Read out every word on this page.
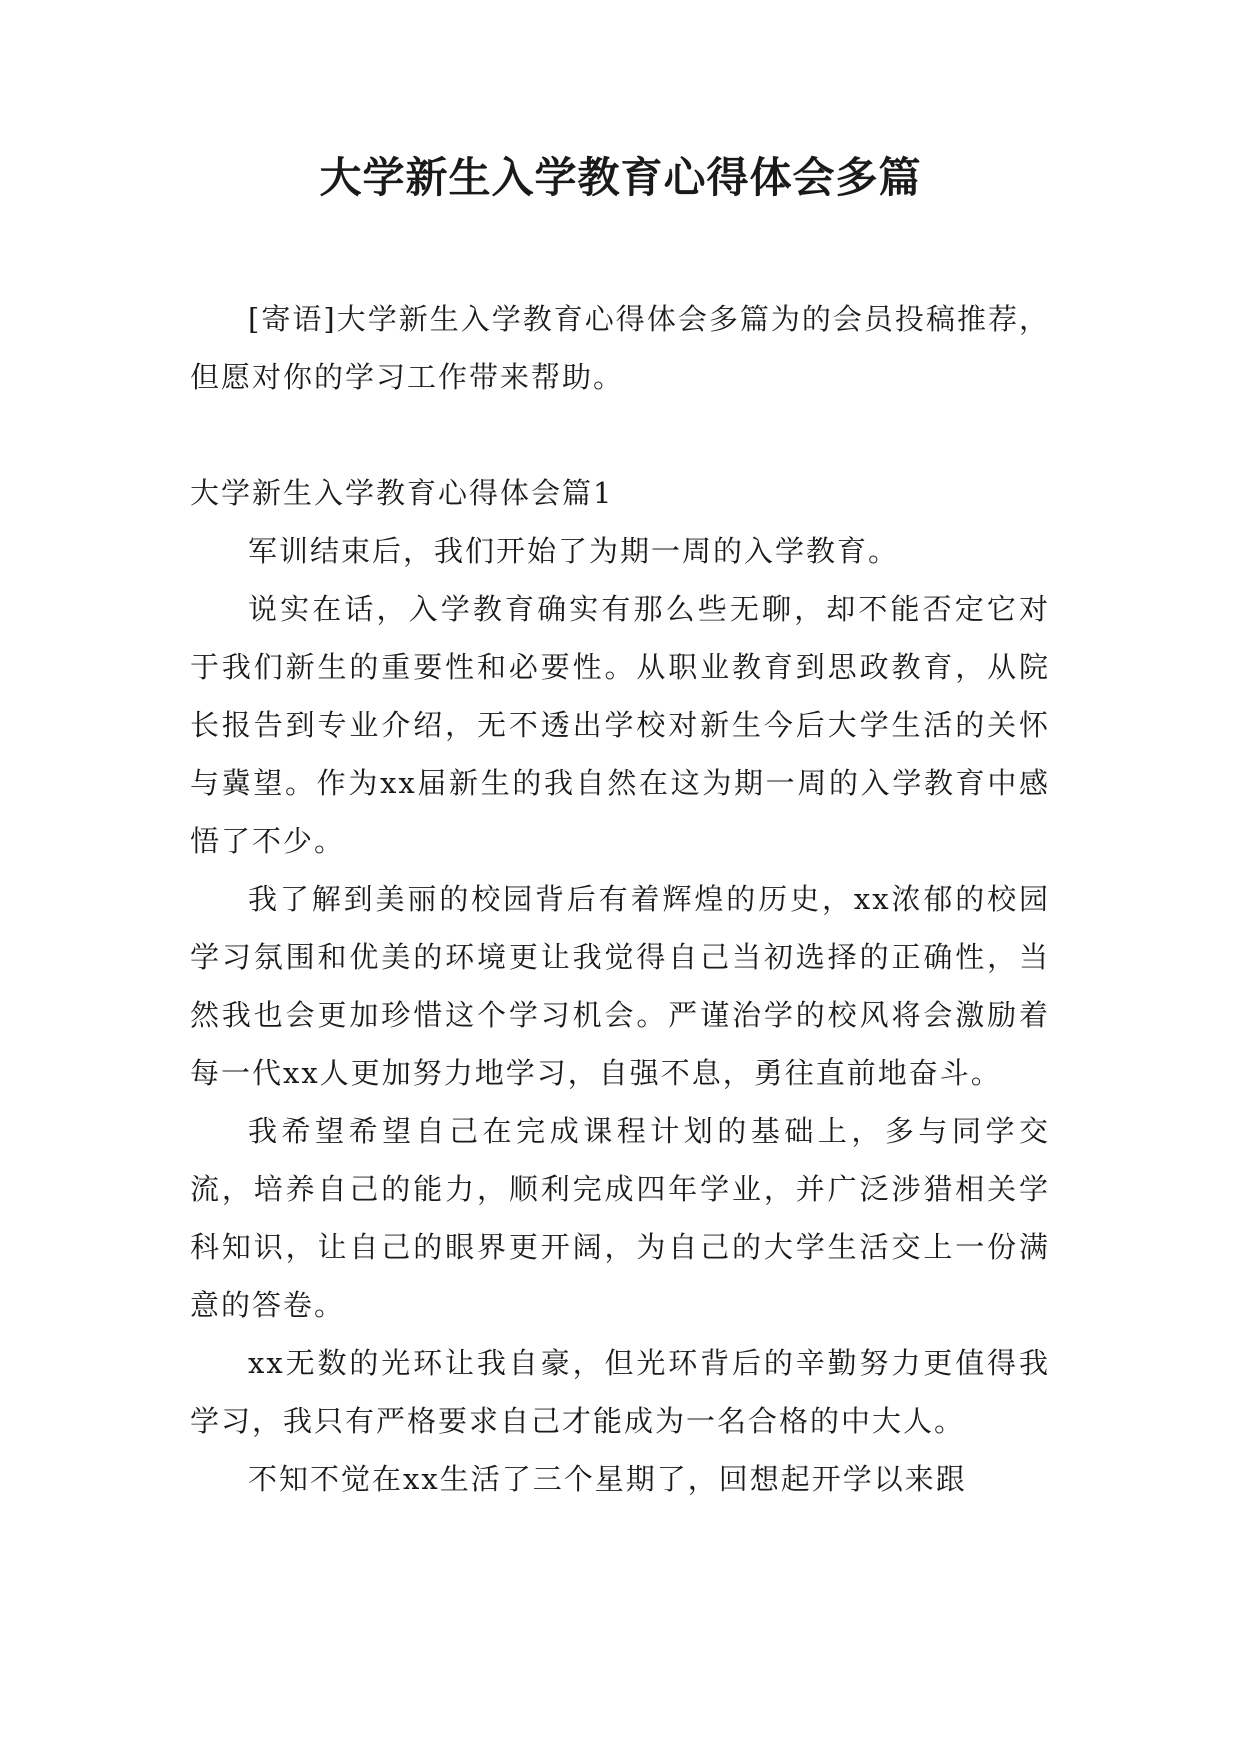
大学新生入学教育心得体会多篇

[寄语]大学新生入学教育心得体会多篇为的会员投稿推荐，但愿对你的学习工作带来帮助。

大学新生入学教育心得体会篇1

军训结束后，我们开始了为期一周的入学教育。

说实在话，入学教育确实有那么些无聊，却不能否定它对于我们新生的重要性和必要性。从职业教育到思政教育，从院长报告到专业介绍，无不透出学校对新生今后大学生活的关怀与冀望。作为xx届新生的我自然在这为期一周的入学教育中感悟了不少。

我了解到美丽的校园背后有着辉煌的历史，xx浓郁的校园学习氛围和优美的环境更让我觉得自己当初选择的正确性，当然我也会更加珍惜这个学习机会。严谨治学的校风将会激励着每一代xx人更加努力地学习，自强不息，勇往直前地奋斗。

我希望希望自己在完成课程计划的基础上，多与同学交流，培养自己的能力，顺利完成四年学业，并广泛涉猎相关学科知识，让自己的眼界更开阔，为自己的大学生活交上一份满意的答卷。

xx无数的光环让我自豪，但光环背后的辛勤努力更值得我学习，我只有严格要求自己才能成为一名合格的中大人。

不知不觉在xx生活了三个星期了，回想起开学以来跟
